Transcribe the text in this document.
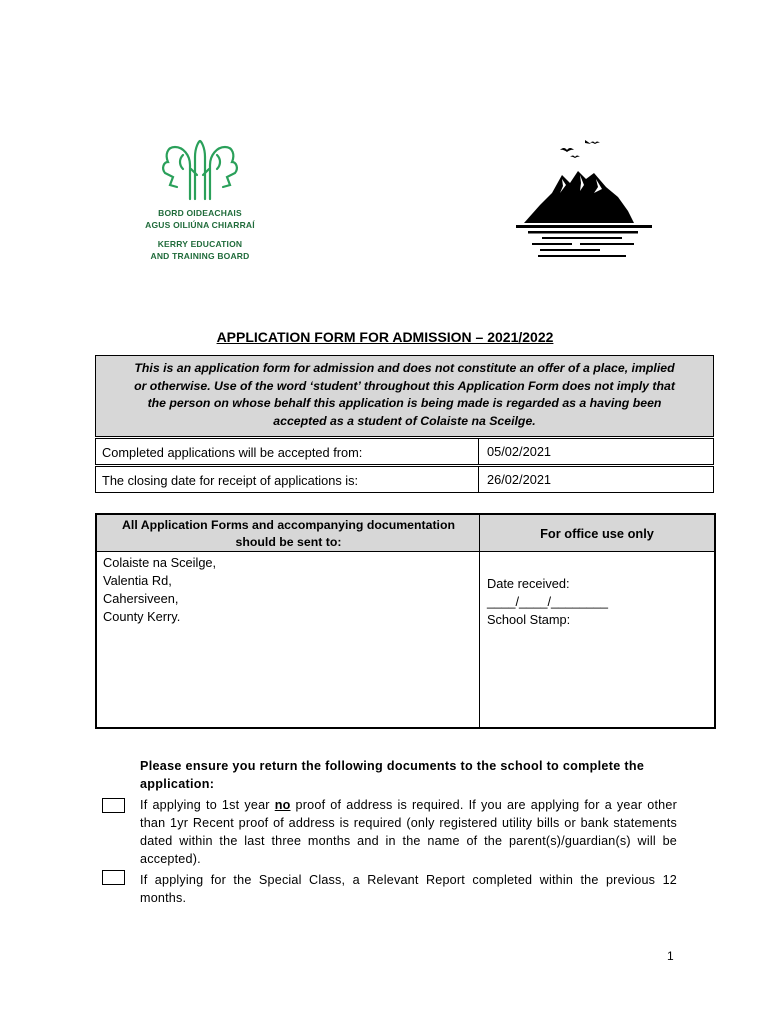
BORD OIDEACHAIS
AGUS OILIÚNA CHIARRAÍ
KERRY EDUCATION
AND TRAINING BOARD
APPLICATION FORM FOR ADMISSION – 2021/2022
This is an application form for admission and does not constitute an offer of a place, implied
or otherwise. Use of the word ‘student’ throughout this Application Form does not imply that
the person on whose behalf this application is being made is regarded as a having been
accepted as a student of Colaiste na Sceilge.
Completed applications will be accepted from:	05/02/2021
The closing date for receipt of applications is:	26/02/2021
All Application Forms and accompanying documentation
should be sent to:
For office use only
Colaiste na Sceilge,
Valentia Rd,
Cahersiveen,
County Kerry.
Date received:
____/____/________
School Stamp:
Please ensure you return the following documents to the school to complete the
application:
If applying to 1st year no proof of address is required. If you are applying for a year other than 1yr Recent proof of address is required (only registered utility bills or bank statements dated within the last three months and in the name of the parent(s)/guardian(s) will be accepted).
If applying for the Special Class, a Relevant Report completed within the previous 12 months.
1
